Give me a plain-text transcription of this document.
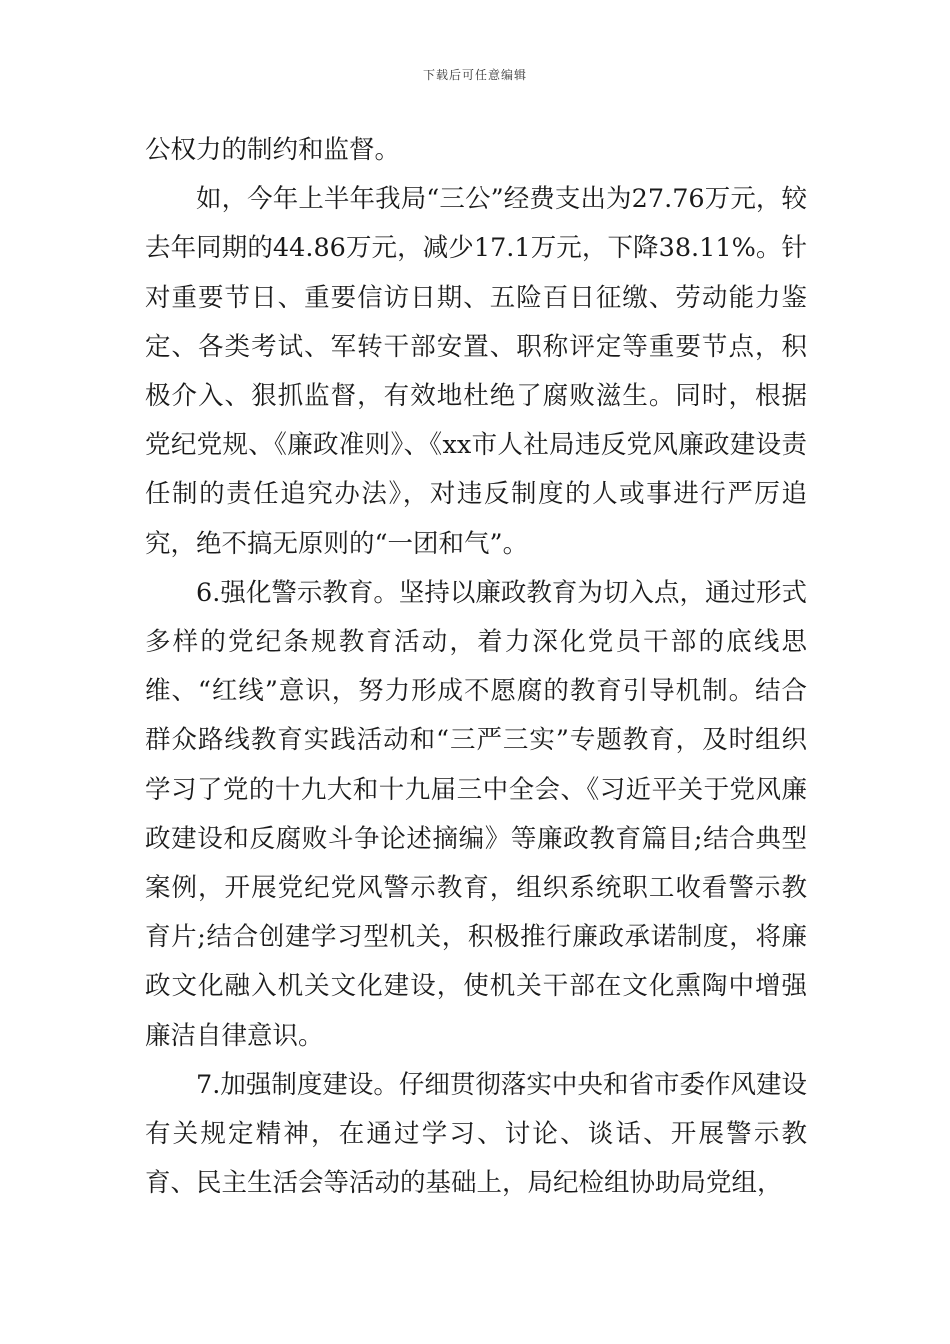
下载后可任意编辑

公权力的制约和监督。

如，今年上半年我局“三公”经费支出为27.76万元，较去年同期的44.86万元，减少17.1万元，下降38.11%。针对重要节日、重要信访日期、五险百日征缴、劳动能力鉴定、各类考试、军转干部安置、职称评定等重要节点，积极介入、狠抓监督，有效地杜绝了腐败滋生。同时，根据党纪党规、《廉政准则》、《xx市人社局违反党风廉政建设责任制的责任追究办法》，对违反制度的人或事进行严厉追究，绝不搞无原则的“一团和气”。

6.强化警示教育。坚持以廉政教育为切入点，通过形式多样的党纪条规教育活动，着力深化党员干部的底线思维、“红线”意识，努力形成不愿腐的教育引导机制。结合群众路线教育实践活动和“三严三实”专题教育，及时组织学习了党的十九大和十九届三中全会、《习近平关于党风廉政建设和反腐败斗争论述摘编》等廉政教育篇目;结合典型案例，开展党纪党风警示教育，组织系统职工收看警示教育片;结合创建学习型机关，积极推行廉政承诺制度，将廉政文化融入机关文化建设，使机关干部在文化熏陶中增强廉洁自律意识。

7.加强制度建设。仔细贯彻落实中央和省市委作风建设有关规定精神，在通过学习、讨论、谈话、开展警示教育、民主生活会等活动的基础上，局纪检组协助局党组，
